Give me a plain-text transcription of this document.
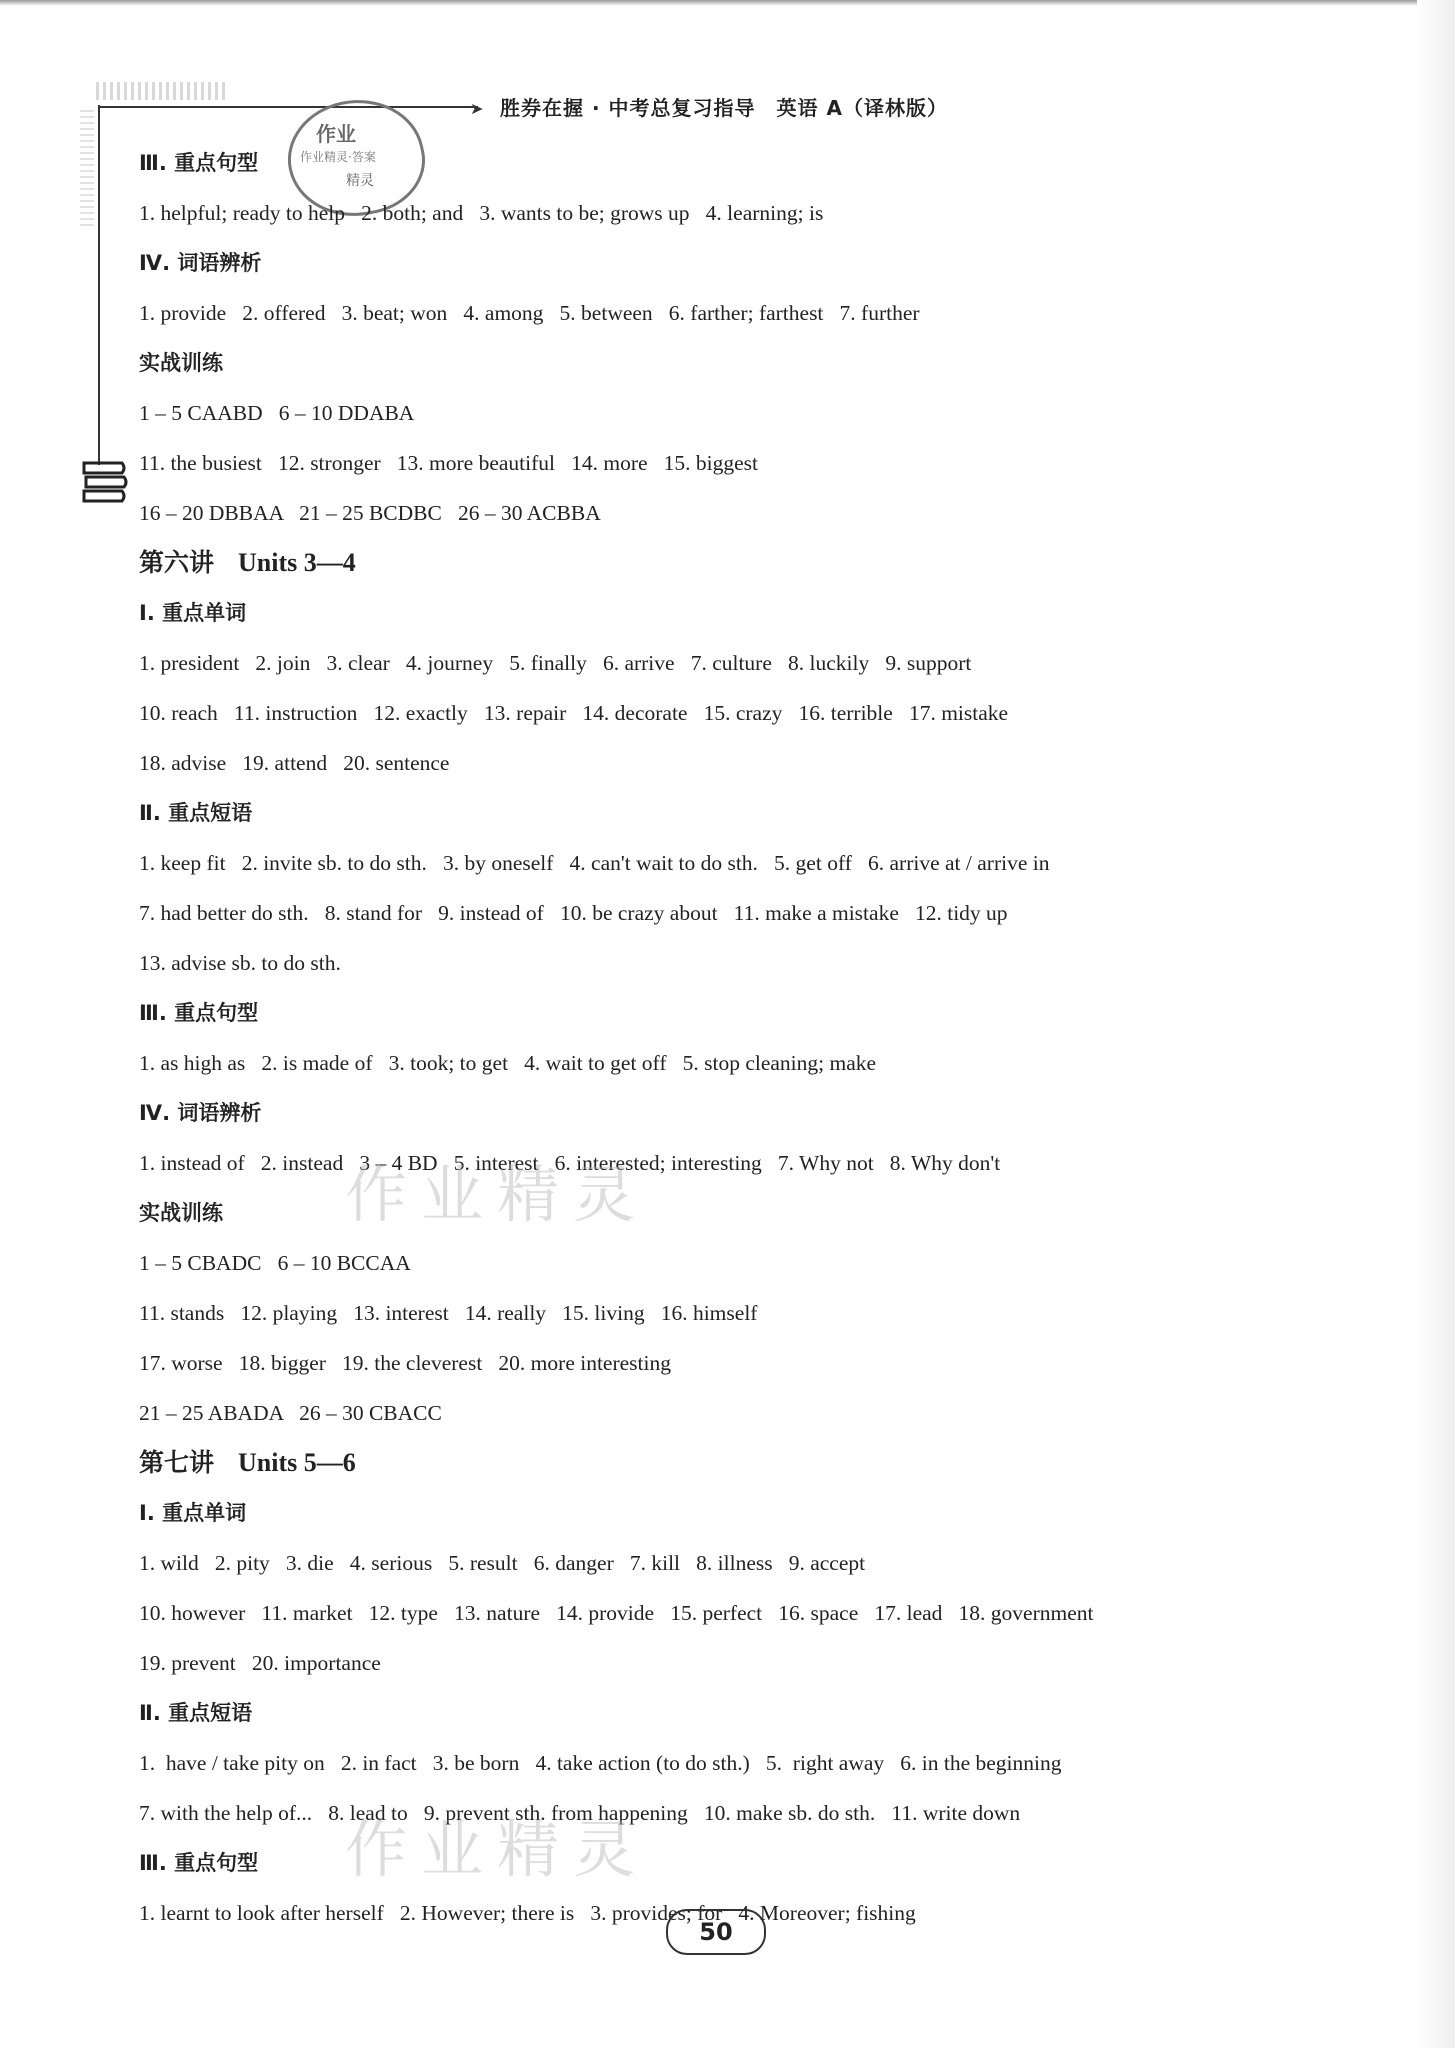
➤ 胜券在握 · 中考总复习指导　英语 A（译林版）
作业
作业精灵·答案
精灵
Ⅲ. 重点句型
1. helpful; ready to help   2. both; and   3. wants to be; grows up   4. learning; is
Ⅳ. 词语辨析
1. provide   2. offered   3. beat; won   4. among   5. between   6. farther; farthest   7. further
实战训练
1 – 5 CAABD   6 – 10 DDABA
11. the busiest   12. stronger   13. more beautiful   14. more   15. biggest
16 – 20 DBBAA   21 – 25 BCDBC   26 – 30 ACBBA
第六讲 Units 3—4
Ⅰ. 重点单词
1. president   2. join   3. clear   4. journey   5. finally   6. arrive   7. culture   8. luckily   9. support
10. reach   11. instruction   12. exactly   13. repair   14. decorate   15. crazy   16. terrible   17. mistake
18. advise   19. attend   20. sentence
Ⅱ. 重点短语
1. keep fit   2. invite sb. to do sth.   3. by oneself   4. can't wait to do sth.   5. get off   6. arrive at / arrive in
7. had better do sth.   8. stand for   9. instead of   10. be crazy about   11. make a mistake   12. tidy up
13. advise sb. to do sth.
Ⅲ. 重点句型
1. as high as   2. is made of   3. took; to get   4. wait to get off   5. stop cleaning; make
Ⅳ. 词语辨析
1. instead of   2. instead   3 – 4 BD   5. interest   6. interested; interesting   7. Why not   8. Why don't
实战训练
1 – 5 CBADC   6 – 10 BCCAA
11. stands   12. playing   13. interest   14. really   15. living   16. himself
17. worse   18. bigger   19. the cleverest   20. more interesting
21 – 25 ABADA   26 – 30 CBACC
第七讲 Units 5—6
Ⅰ. 重点单词
1. wild   2. pity   3. die   4. serious   5. result   6. danger   7. kill   8. illness   9. accept
10. however   11. market   12. type   13. nature   14. provide   15. perfect   16. space   17. lead   18. government
19. prevent   20. importance
Ⅱ. 重点短语
1.  have / take pity on   2. in fact   3. be born   4. take action (to do sth.)   5.  right away   6. in the beginning
7. with the help of...   8. lead to   9. prevent sth. from happening   10. make sb. do sth.   11. write down
Ⅲ. 重点句型
1. learnt to look after herself   2. However; there is   3. provides; for   4. Moreover; fishing
作业精灵
作业精灵
50
